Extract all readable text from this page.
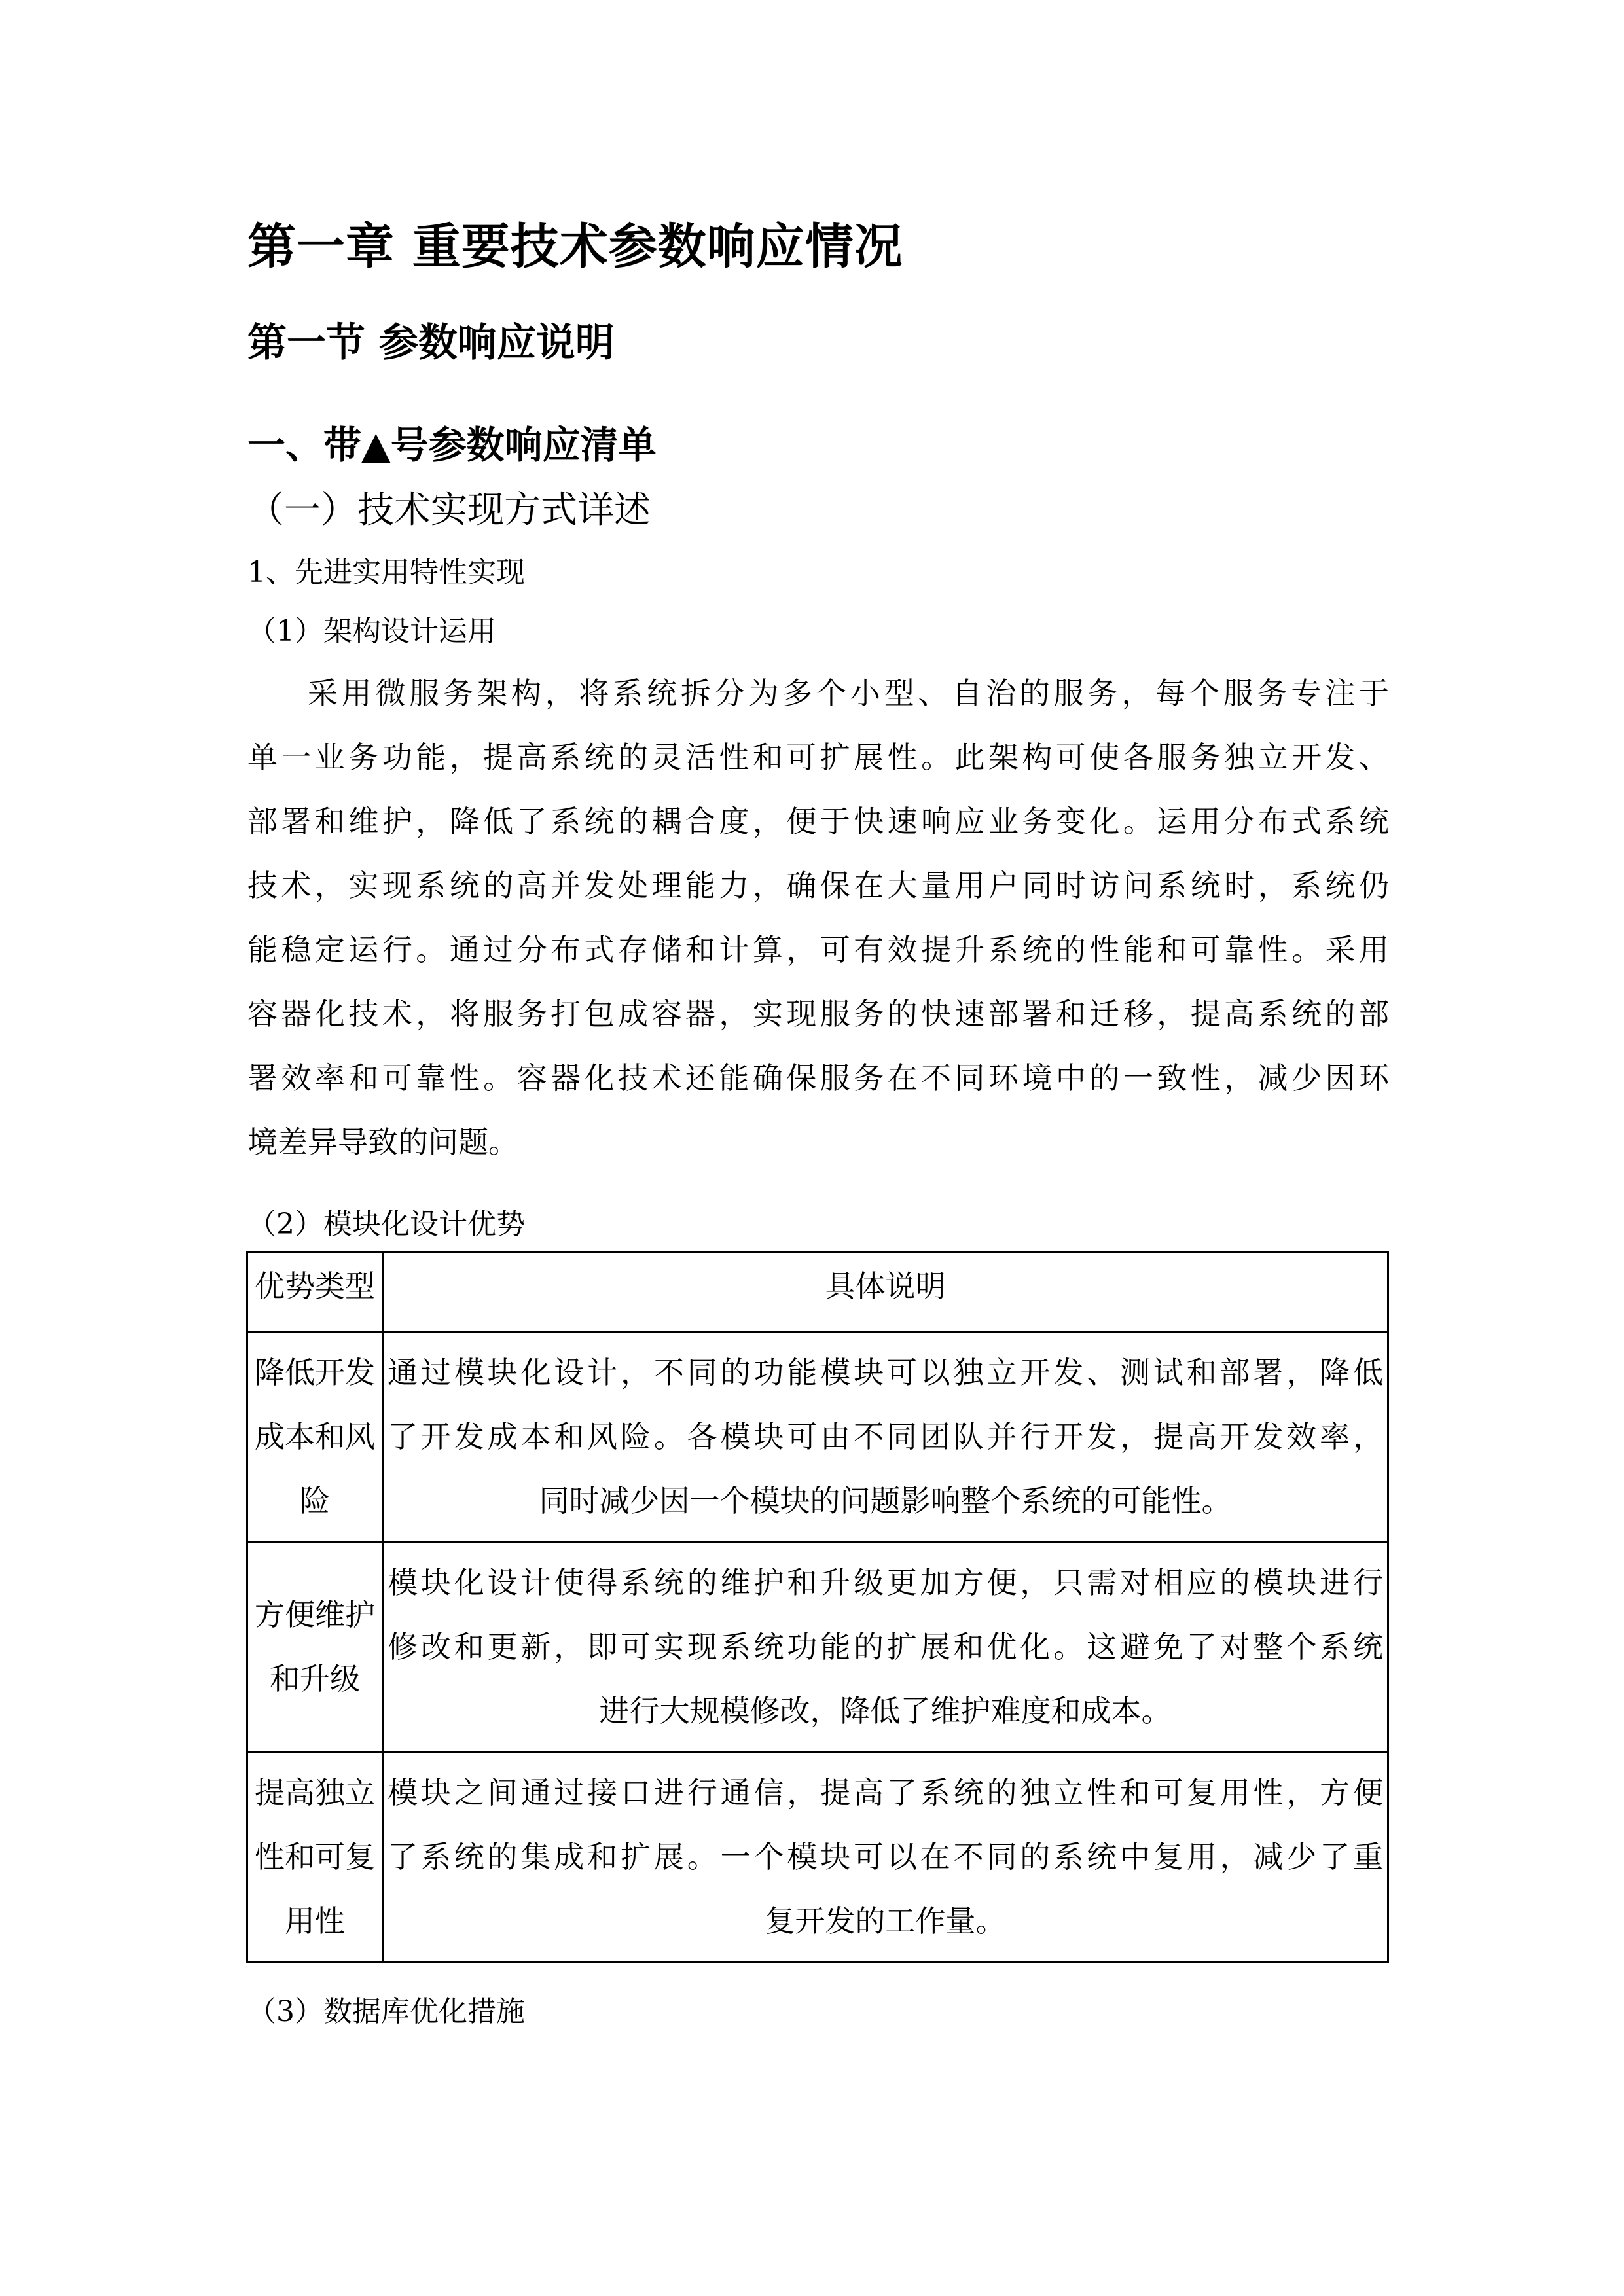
第一章 重要技术参数响应情况
第一节 参数响应说明
一、带▲号参数响应清单
（一）技术实现方式详述
1、先进实用特性实现
（1）架构设计运用
采用微服务架构，将系统拆分为多个小型、自治的服务，每个服务专注于
单一业务功能，提高系统的灵活性和可扩展性。此架构可使各服务独立开发、
部署和维护，降低了系统的耦合度，便于快速响应业务变化。运用分布式系统
技术，实现系统的高并发处理能力，确保在大量用户同时访问系统时，系统仍
能稳定运行。通过分布式存储和计算，可有效提升系统的性能和可靠性。采用
容器化技术，将服务打包成容器，实现服务的快速部署和迁移，提高系统的部
署效率和可靠性。容器化技术还能确保服务在不同环境中的一致性，减少因环
境差异导致的问题。
（2）模块化设计优势
优势类型	具体说明

降低开发
成本和风
险	通过模块化设计，不同的功能模块可以独立开发、测试和部署，降低
了开发成本和风险。各模块可由不同团队并行开发，提高开发效率，
同时减少因一个模块的问题影响整个系统的可能性。

方便维护
和升级	模块化设计使得系统的维护和升级更加方便，只需对相应的模块进行
修改和更新，即可实现系统功能的扩展和优化。这避免了对整个系统
进行大规模修改，降低了维护难度和成本。

提高独立
性和可复
用性	模块之间通过接口进行通信，提高了系统的独立性和可复用性，方便
了系统的集成和扩展。一个模块可以在不同的系统中复用，减少了重
复开发的工作量。
（3）数据库优化措施
